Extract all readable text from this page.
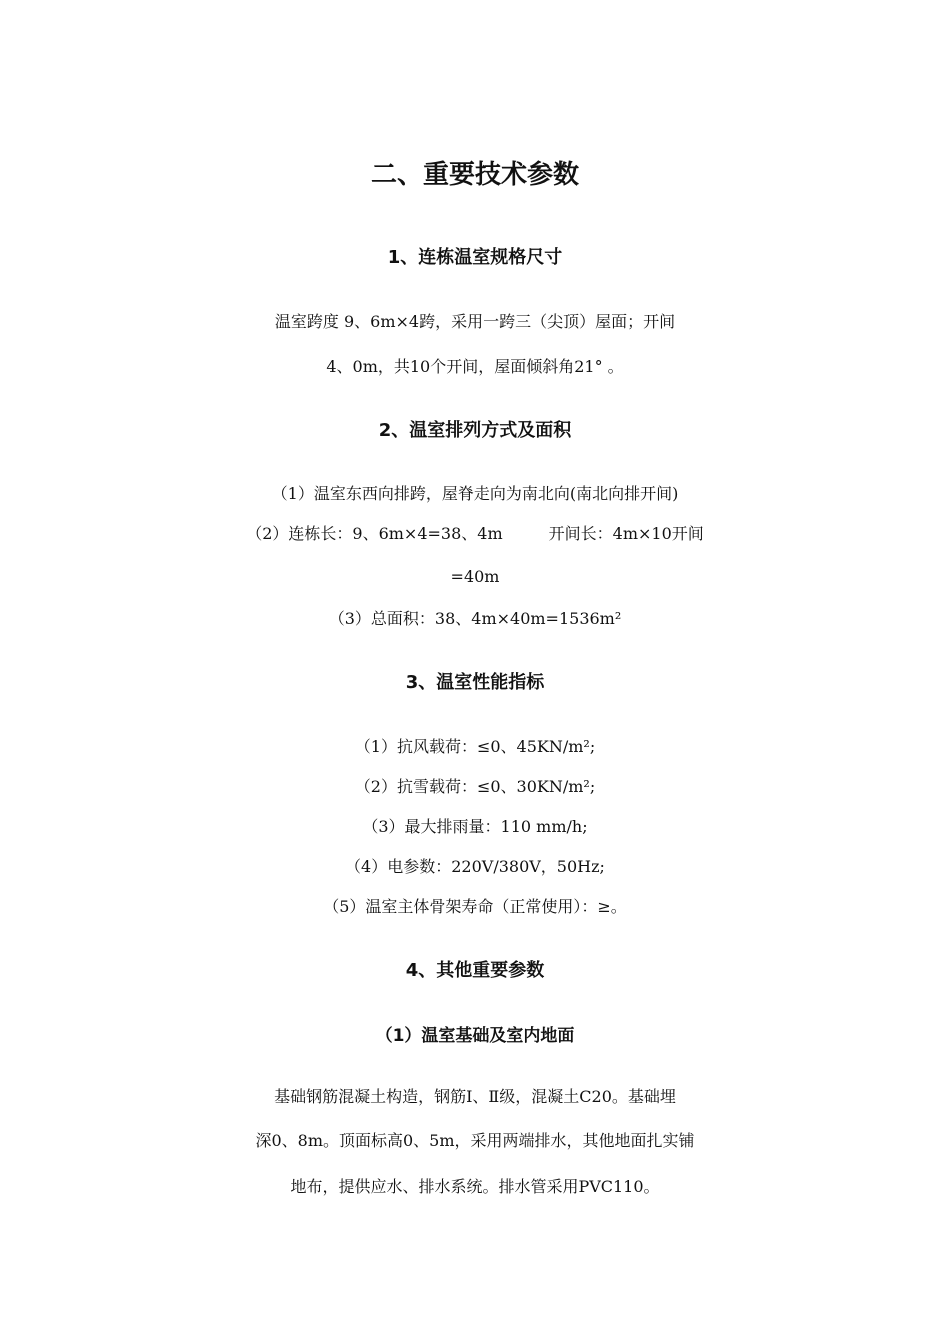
二、重要技术参数
1、连栋温室规格尺寸
温室跨度 9、6m×4跨，采用一跨三（尖顶）屋面；开间
4、0m，共10个开间，屋面倾斜角21° 。
2、温室排列方式及面积
（1）温室东西向排跨，屋脊走向为南北向(南北向排开间)
（2）连栋长：9、6m×4=38、4m	开间长：4m×10开间
=40m
（3）总面积：38、4m×40m=1536m²
3、温室性能指标
（1）抗风载荷：≤0、45KN/m²;
（2）抗雪载荷：≤0、30KN/m²;
（3）最大排雨量：110 mm/h;
（4）电参数：220V/380V，50Hz;
（5）温室主体骨架寿命（正常使用）：≥。
4、其他重要参数
（1）温室基础及室内地面
基础钢筋混凝土构造，钢筋Ⅰ、Ⅱ级，混凝土C20。基础埋
深0、8m。顶面标高0、5m，采用两端排水，其他地面扎实铺
地布，提供应水、排水系统。排水管采用PVC110。
